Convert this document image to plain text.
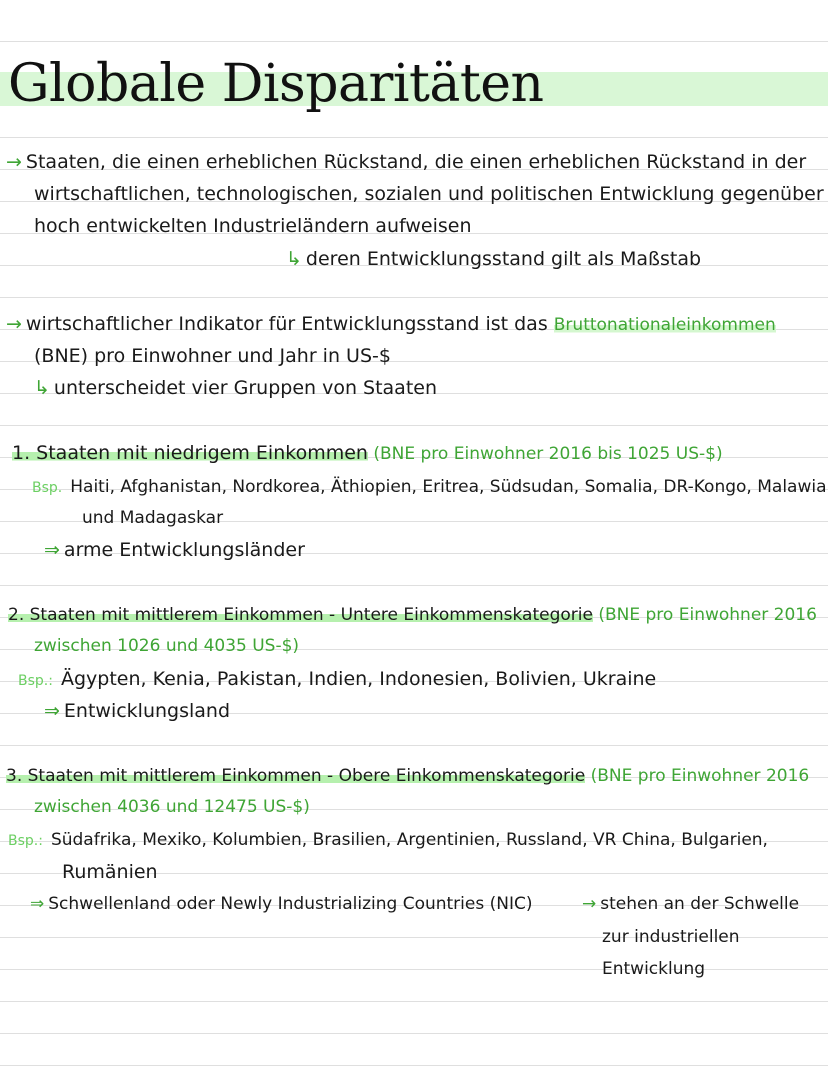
Globale Disparitäten
→ Staaten, die einen erheblichen Rückstand, die einen erheblichen Rückstand in der
wirtschaftlichen, technologischen, sozialen und politischen Entwicklung gegenüber
hoch entwickelten Industrieländern aufweisen
↳ deren Entwicklungsstand gilt als Maßstab
→ wirtschaftlicher Indikator für Entwicklungsstand ist das Bruttonationaleinkommen
(BNE) pro Einwohner und Jahr in US-$
↳ unterscheidet vier Gruppen von Staaten
1. Staaten mit niedrigem Einkommen (BNE pro Einwohner 2016 bis 1025 US-$)
Bsp. Haiti, Afghanistan, Nordkorea, Äthiopien, Eritrea, Südsudan, Somalia, DR-Kongo, Malawia
und Madagaskar
⇒ arme Entwicklungsländer
2. Staaten mit mittlerem Einkommen - Untere Einkommenskategorie (BNE pro Einwohner 2016
zwischen 1026 und 4035 US-$)
Bsp.: Ägypten, Kenia, Pakistan, Indien, Indonesien, Bolivien, Ukraine
⇒ Entwicklungsland
3. Staaten mit mittlerem Einkommen - Obere Einkommenskategorie (BNE pro Einwohner 2016
zwischen 4036 und 12475 US-$)
Bsp.: Südafrika, Mexiko, Kolumbien, Brasilien, Argentinien, Russland, VR China, Bulgarien,
Rumänien
⇒ Schwellenland oder Newly Industrializing Countries (NIC)	→ stehen an der Schwelle
zur industriellen
Entwicklung
